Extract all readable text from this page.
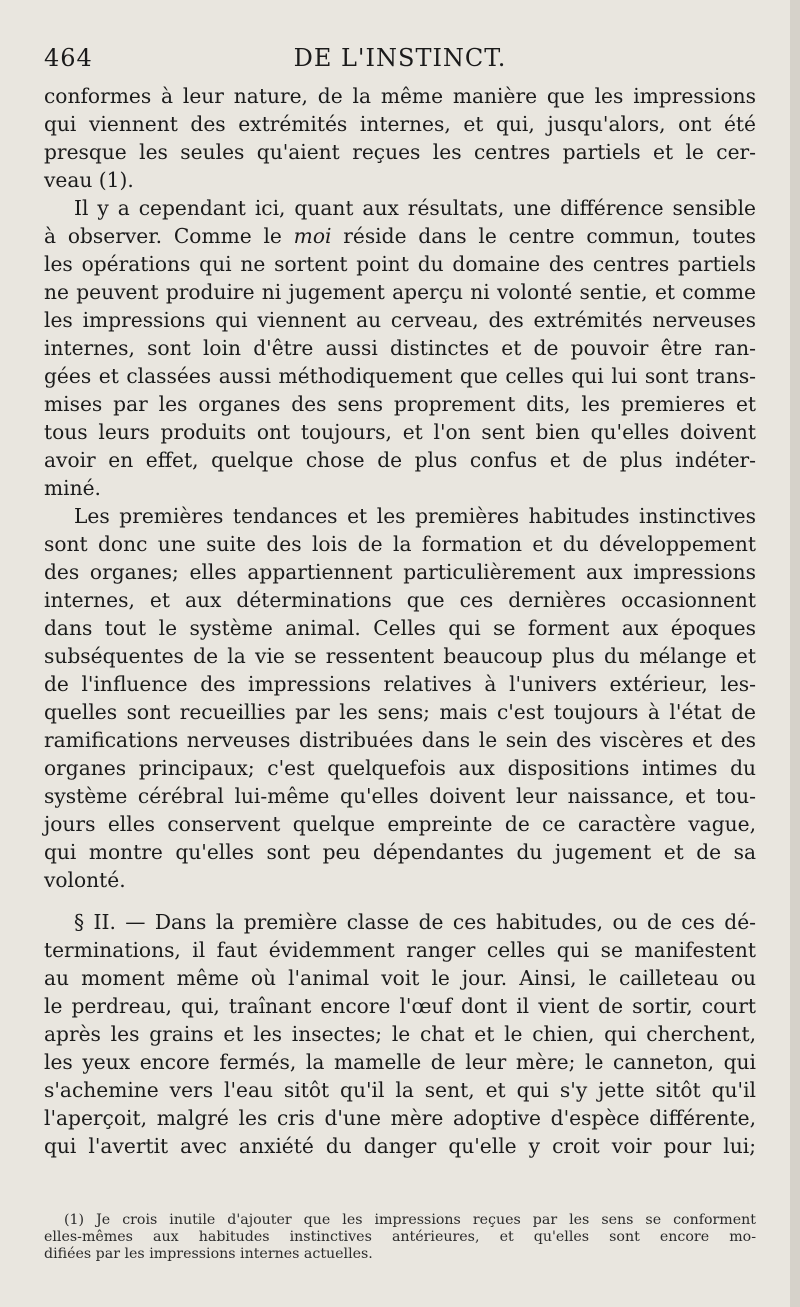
464	DE L'INSTINCT.
conformes à leur nature, de la même manière que les impressions
qui viennent des extrémités internes, et qui, jusqu'alors, ont été
presque les seules qu'aient reçues les centres partiels et le cer-
veau (1).
Il y a cependant ici, quant aux résultats, une différence sensible
à observer. Comme le moi réside dans le centre commun, toutes
les opérations qui ne sortent point du domaine des centres partiels
ne peuvent produire ni jugement aperçu ni volonté sentie, et comme
les impressions qui viennent au cerveau, des extrémités nerveuses
internes, sont loin d'être aussi distinctes et de pouvoir être ran-
gées et classées aussi méthodiquement que celles qui lui sont trans-
mises par les organes des sens proprement dits, les premieres et
tous leurs produits ont toujours, et l'on sent bien qu'elles doivent
avoir en effet, quelque chose de plus confus et de plus indéter-
miné.
Les premières tendances et les premières habitudes instinctives
sont donc une suite des lois de la formation et du développement
des organes; elles appartiennent particulièrement aux impressions
internes, et aux déterminations que ces dernières occasionnent
dans tout le système animal. Celles qui se forment aux époques
subséquentes de la vie se ressentent beaucoup plus du mélange et
de l'influence des impressions relatives à l'univers extérieur, les-
quelles sont recueillies par les sens; mais c'est toujours à l'état de
ramifications nerveuses distribuées dans le sein des viscères et des
organes principaux; c'est quelquefois aux dispositions intimes du
système cérébral lui-même qu'elles doivent leur naissance, et tou-
jours elles conservent quelque empreinte de ce caractère vague,
qui montre qu'elles sont peu dépendantes du jugement et de sa
volonté.
§ II. — Dans la première classe de ces habitudes, ou de ces dé-
terminations, il faut évidemment ranger celles qui se manifestent
au moment même où l'animal voit le jour. Ainsi, le cailleteau ou
le perdreau, qui, traînant encore l'œuf dont il vient de sortir, court
après les grains et les insectes; le chat et le chien, qui cherchent,
les yeux encore fermés, la mamelle de leur mère; le canneton, qui
s'achemine vers l'eau sitôt qu'il la sent, et qui s'y jette sitôt qu'il
l'aperçoit, malgré les cris d'une mère adoptive d'espèce différente,
qui l'avertit avec anxiété du danger qu'elle y croit voir pour lui;
(1) Je crois inutile d'ajouter que les impressions reçues par les sens se conforment
elles-mêmes aux habitudes instinctives antérieures, et qu'elles sont encore mo-
difiées par les impressions internes actuelles.
